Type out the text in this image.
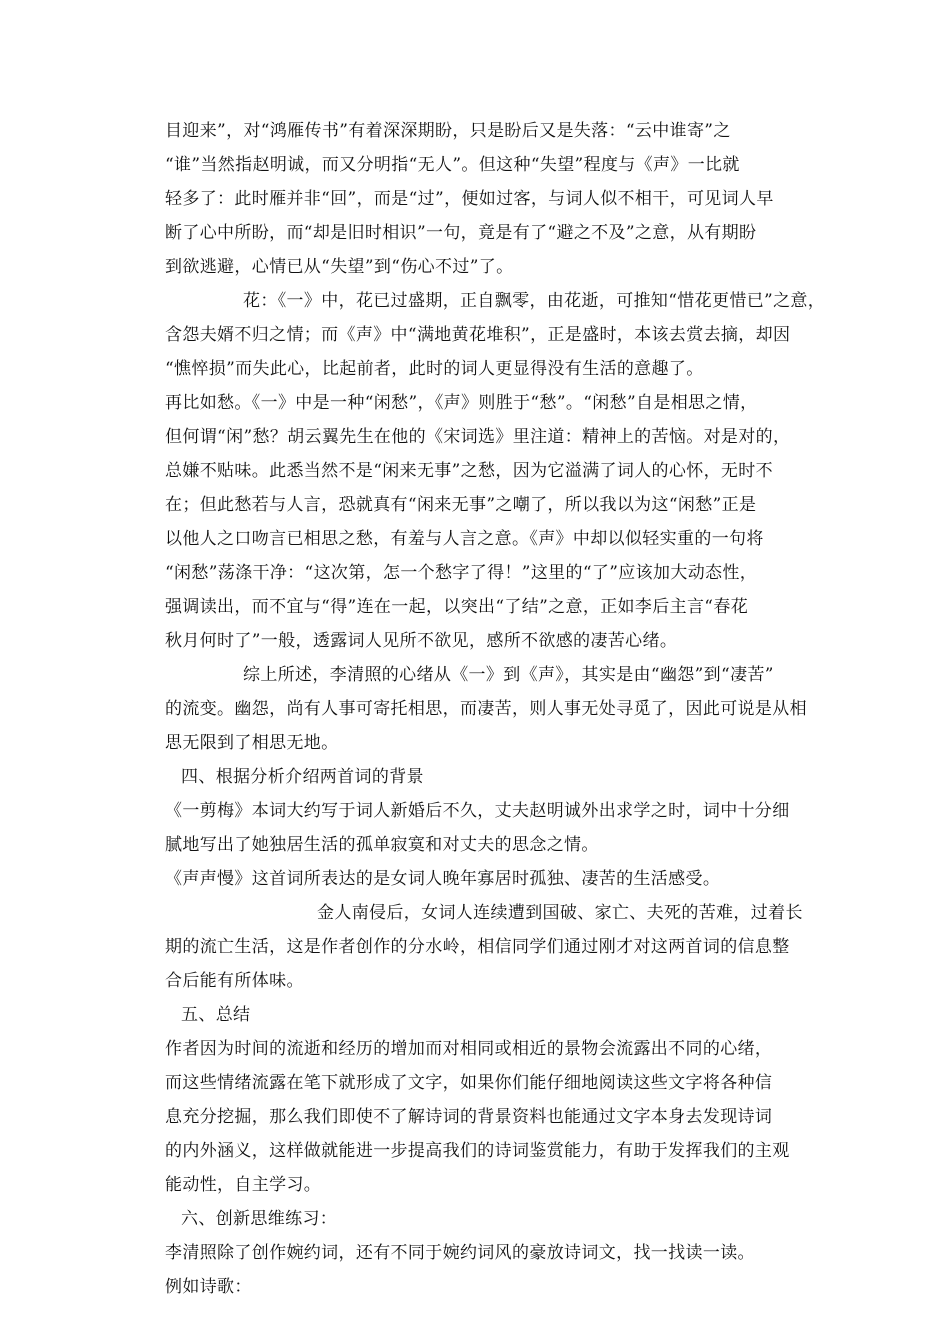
目迎来”，对“鸿雁传书”有着深深期盼，只是盼后又是失落：“云中谁寄”之
“谁”当然指赵明诚，而又分明指“无人”。但这种“失望”程度与《声》一比就
轻多了：此时雁并非“回”，而是“过”，便如过客，与词人似不相干，可见词人早
断了心中所盼，而“却是旧时相识”一句，竟是有了“避之不及”之意，从有期盼
到欲逃避，心情已从“失望”到“伤心不过”了。
花：《一》中，花已过盛期，正自飘零，由花逝，可推知“惜花更惜已”之意，
含怨夫婿不归之情；而《声》中“满地黄花堆积”，正是盛时，本该去赏去摘，却因
“憔悴损”而失此心，比起前者，此时的词人更显得没有生活的意趣了。
再比如愁。《一》中是一种“闲愁”，《声》则胜于“愁”。“闲愁”自是相思之情，
但何谓“闲”愁？胡云翼先生在他的《宋词选》里注道：精神上的苦恼。对是对的，
总嫌不贴味。此悉当然不是“闲来无事”之愁，因为它溢满了词人的心怀，无时不
在；但此愁若与人言，恐就真有“闲来无事”之嘲了，所以我以为这“闲愁”正是
以他人之口吻言已相思之愁，有羞与人言之意。《声》中却以似轻实重的一句将
“闲愁”荡涤干净：“这次第，怎一个愁字了得！”这里的“了”应该加大动态性，
强调读出，而不宜与“得”连在一起，以突出“了结”之意，正如李后主言“春花
秋月何时了”一般，透露词人见所不欲见，感所不欲感的凄苦心绪。
综上所述，李清照的心绪从《一》到《声》，其实是由“幽怨”到“凄苦”
的流变。幽怨，尚有人事可寄托相思，而凄苦，则人事无处寻觅了，因此可说是从相
思无限到了相思无地。
四、根据分析介绍两首词的背景
《一剪梅》本词大约写于词人新婚后不久，丈夫赵明诚外出求学之时，词中十分细
腻地写出了她独居生活的孤单寂寞和对丈夫的思念之情。
《声声慢》这首词所表达的是女词人晚年寡居时孤独、凄苦的生活感受。
金人南侵后，女词人连续遭到国破、家亡、夫死的苦难，过着长
期的流亡生活，这是作者创作的分水岭，相信同学们通过刚才对这两首词的信息整
合后能有所体味。
五、总结
作者因为时间的流逝和经历的增加而对相同或相近的景物会流露出不同的心绪，
而这些情绪流露在笔下就形成了文字，如果你们能仔细地阅读这些文字将各种信
息充分挖掘，那么我们即使不了解诗词的背景资料也能通过文字本身去发现诗词
的内外涵义，这样做就能进一步提高我们的诗词鉴赏能力，有助于发挥我们的主观
能动性，自主学习。
六、创新思维练习：
李清照除了创作婉约词，还有不同于婉约词风的豪放诗词文，找一找读一读。
例如诗歌：
